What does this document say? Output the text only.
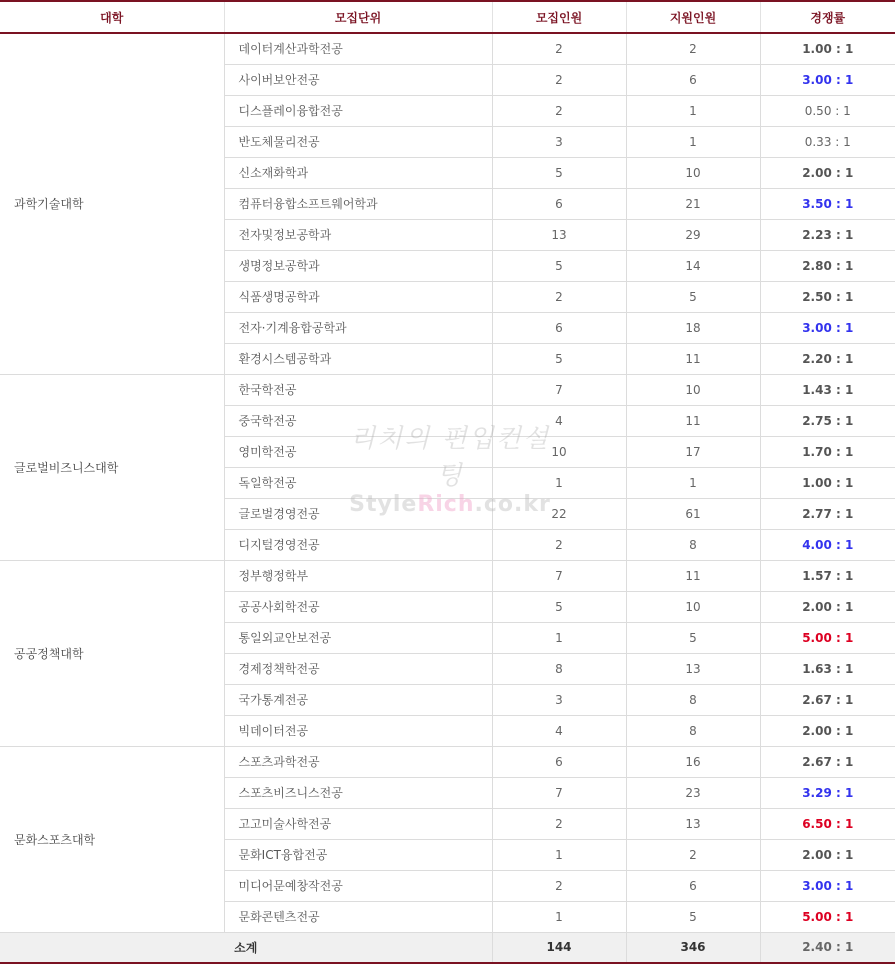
대학	모집단위	모집인원	지원인원	경쟁률
과학기술대학	데이터계산과학전공	2	2	1.00 : 1
	사이버보안전공	2	6	3.00 : 1
	디스플레이융합전공	2	1	0.50 : 1
	반도체물리전공	3	1	0.33 : 1
	신소재화학과	5	10	2.00 : 1
	컴퓨터융합소프트웨어학과	6	21	3.50 : 1
	전자및정보공학과	13	29	2.23 : 1
	생명정보공학과	5	14	2.80 : 1
	식품생명공학과	2	5	2.50 : 1
	전자·기계융합공학과	6	18	3.00 : 1
	환경시스템공학과	5	11	2.20 : 1
글로벌비즈니스대학	한국학전공	7	10	1.43 : 1
	중국학전공	4	11	2.75 : 1
	영미학전공	10	17	1.70 : 1
	독일학전공	1	1	1.00 : 1
	글로벌경영전공	22	61	2.77 : 1
	디지털경영전공	2	8	4.00 : 1
공공정책대학	정부행정학부	7	11	1.57 : 1
	공공사회학전공	5	10	2.00 : 1
	통일외교안보전공	1	5	5.00 : 1
	경제정책학전공	8	13	1.63 : 1
	국가통계전공	3	8	2.67 : 1
	빅데이터전공	4	8	2.00 : 1
문화스포츠대학	스포츠과학전공	6	16	2.67 : 1
	스포츠비즈니스전공	7	23	3.29 : 1
	고고미술사학전공	2	13	6.50 : 1
	문화ICT융합전공	1	2	2.00 : 1
	미디어문예창작전공	2	6	3.00 : 1
	문화콘텐츠전공	1	5	5.00 : 1
소계		144	346	2.40 : 1
리치의 편입컨설팅
StyleRich.co.kr
